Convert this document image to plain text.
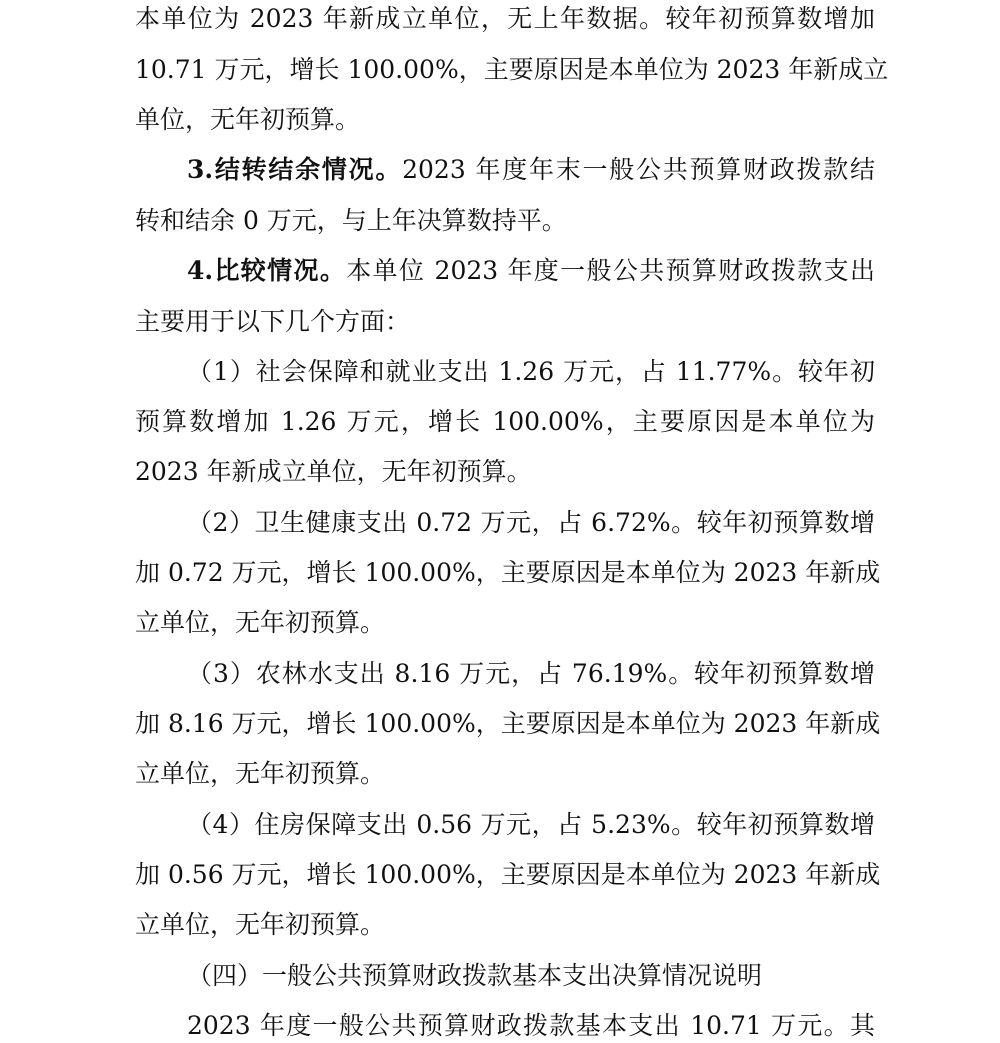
本单位为 2023 年新成立单位，无上年数据。较年初预算数增加
10.71 万元，增长 100.00%，主要原因是本单位为 2023 年新成立
单位，无年初预算。
3.结转结余情况。2023 年度年末一般公共预算财政拨款结
转和结余 0 万元，与上年决算数持平。
4.比较情况。本单位 2023 年度一般公共预算财政拨款支出
主要用于以下几个方面：
（1）社会保障和就业支出 1.26 万元，占 11.77%。较年初
预算数增加 1.26 万元，增长 100.00%，主要原因是本单位为
2023 年新成立单位，无年初预算。
（2）卫生健康支出 0.72 万元，占 6.72%。较年初预算数增
加 0.72 万元，增长 100.00%，主要原因是本单位为 2023 年新成
立单位，无年初预算。
（3）农林水支出 8.16 万元，占 76.19%。较年初预算数增
加 8.16 万元，增长 100.00%，主要原因是本单位为 2023 年新成
立单位，无年初预算。
（4）住房保障支出 0.56 万元，占 5.23%。较年初预算数增
加 0.56 万元，增长 100.00%，主要原因是本单位为 2023 年新成
立单位，无年初预算。
（四）一般公共预算财政拨款基本支出决算情况说明
2023 年度一般公共预算财政拨款基本支出 10.71 万元。其
